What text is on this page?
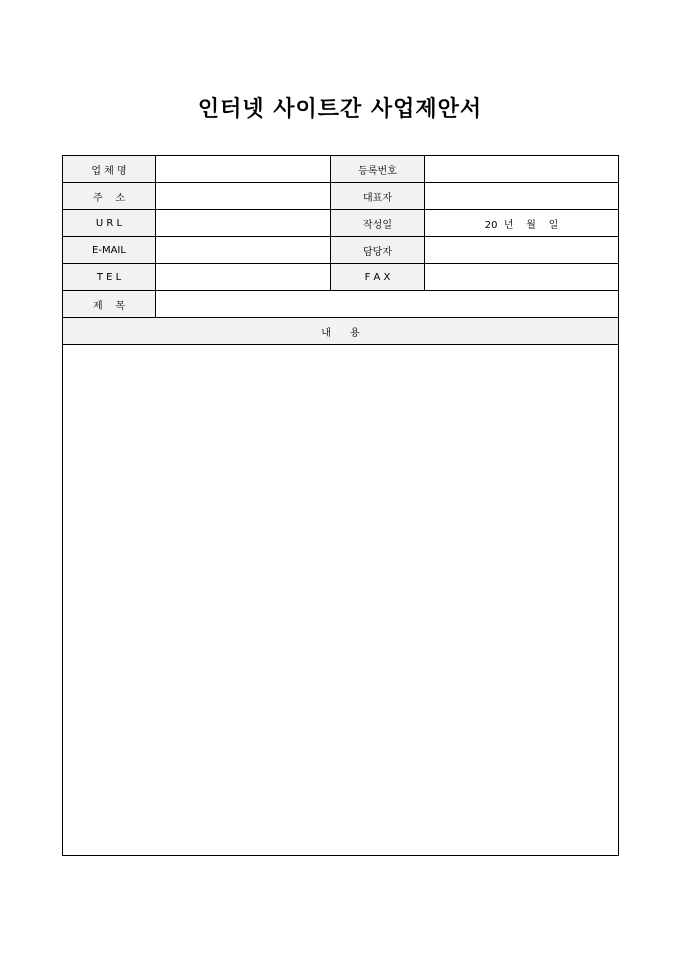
인터넷 사이트간 사업제안서
업 체 명		등록번호	
주    소		대표자	
U R L		작성일	20  년    월    일
E-MAIL		담당자	
T E L		F A X	
제    목			
내      용			
